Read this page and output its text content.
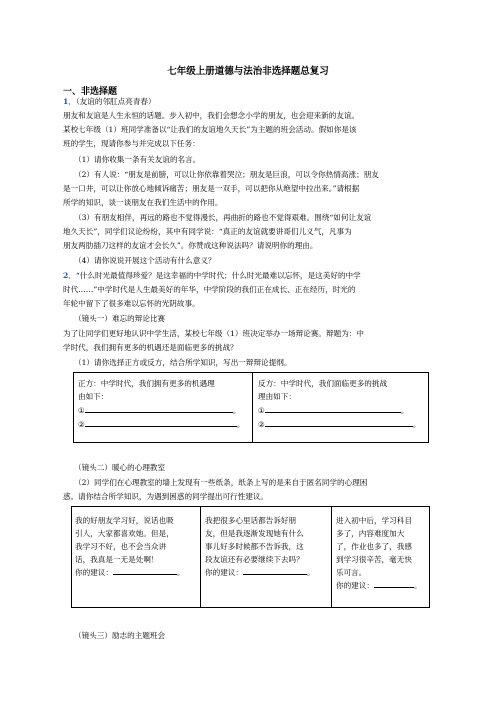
七年级上册道德与法治非选择题总复习
一、非选择题
1．（友谊的邻肛点亮青春）
朋友和友谊是人生永恒的话题。步入初中，我们会想念小学的朋友，也会迎来新的友谊。
某校七年级（1）班同学准备以“让我们的友谊地久天长”为主题的班会活动。假如你是该
班的学生，现请你参与并完成以下任务：
（1）请你收集一条有关友谊的名言。
（2）有人说：“朋友是前膀，可以让你依靠着哭泣；朋友是巨浪，可以令你热情高涨；朋友
是一口井，可以让你放心地倾诉痛苦；朋友是一双手，可以把你从绝望中拉出来。”请根据
所学的知识，谈一谈朋友在我们生活中的作用。
（3）有朋友相伴，再远的路也不觉得漫长，再曲折的路也不觉得艰难。围绕“如何让友谊
地久天长”，同学们议论纷纷，其中有同学说：“真正的友谊就要讲哥们儿义气，凡事为
朋友两肋插刀这样的友谊才会长久”。你赞成这种说法吗？请说明你的理由。
（4）请你说说开展这个活动有什么意义？
2．“什么时光最值得珍爱？是这幸福的中学时代；什么时光最难以忘怀，是这美好的中学
时代……”中学时代是人生最美好的年华，中学阶段的我们正在成长、正在经历，时光的
年轮中留下了很多难以忘怀的光阴故事。
（镜头一）难忘的辩论比赛
为了让同学们更好地认识中学生活，某校七年级（1）班决定举办一场辩论赛。辩题为：中
学时代，我们拥有更多的机遇还是面临更多的挑战？
（1）请你选择正方或反方，结合所学知识，写出一辩辩论提纲。
正方：中学时代，我们拥有更多的机遇理
由如下：
①	。
②	。
反方：中学时代，我们面临更多的挑战
理由如下：
①	。
②	。
（镜头二）暖心的心理教室
（2）同学们在心理教室的墙上发现有一些纸条，纸条上写的是来自于匿名同学的心理困
惑。请你结合所学知识，为遇到困惑的同学提出可行性建议。
我的好朋友学习好，说话也吸
引人，大家都喜欢她。但是，
我学习不好，也不会当众讲
话，我真是一无是处啊！
你的建议：	。
我把很多心里话都告诉好朋
友，但是我逐渐发现她有什么
事儿好多时候都不告诉我，这
段友谊还有必要继续下去吗？
你的建议：	。
进入初中后，学习科目
多了，内容难度加大
了，作业也多了，我感
到学习很辛苦，毫无快
乐可言。
你的建议：	。
（镜头三）励志的主题班会
